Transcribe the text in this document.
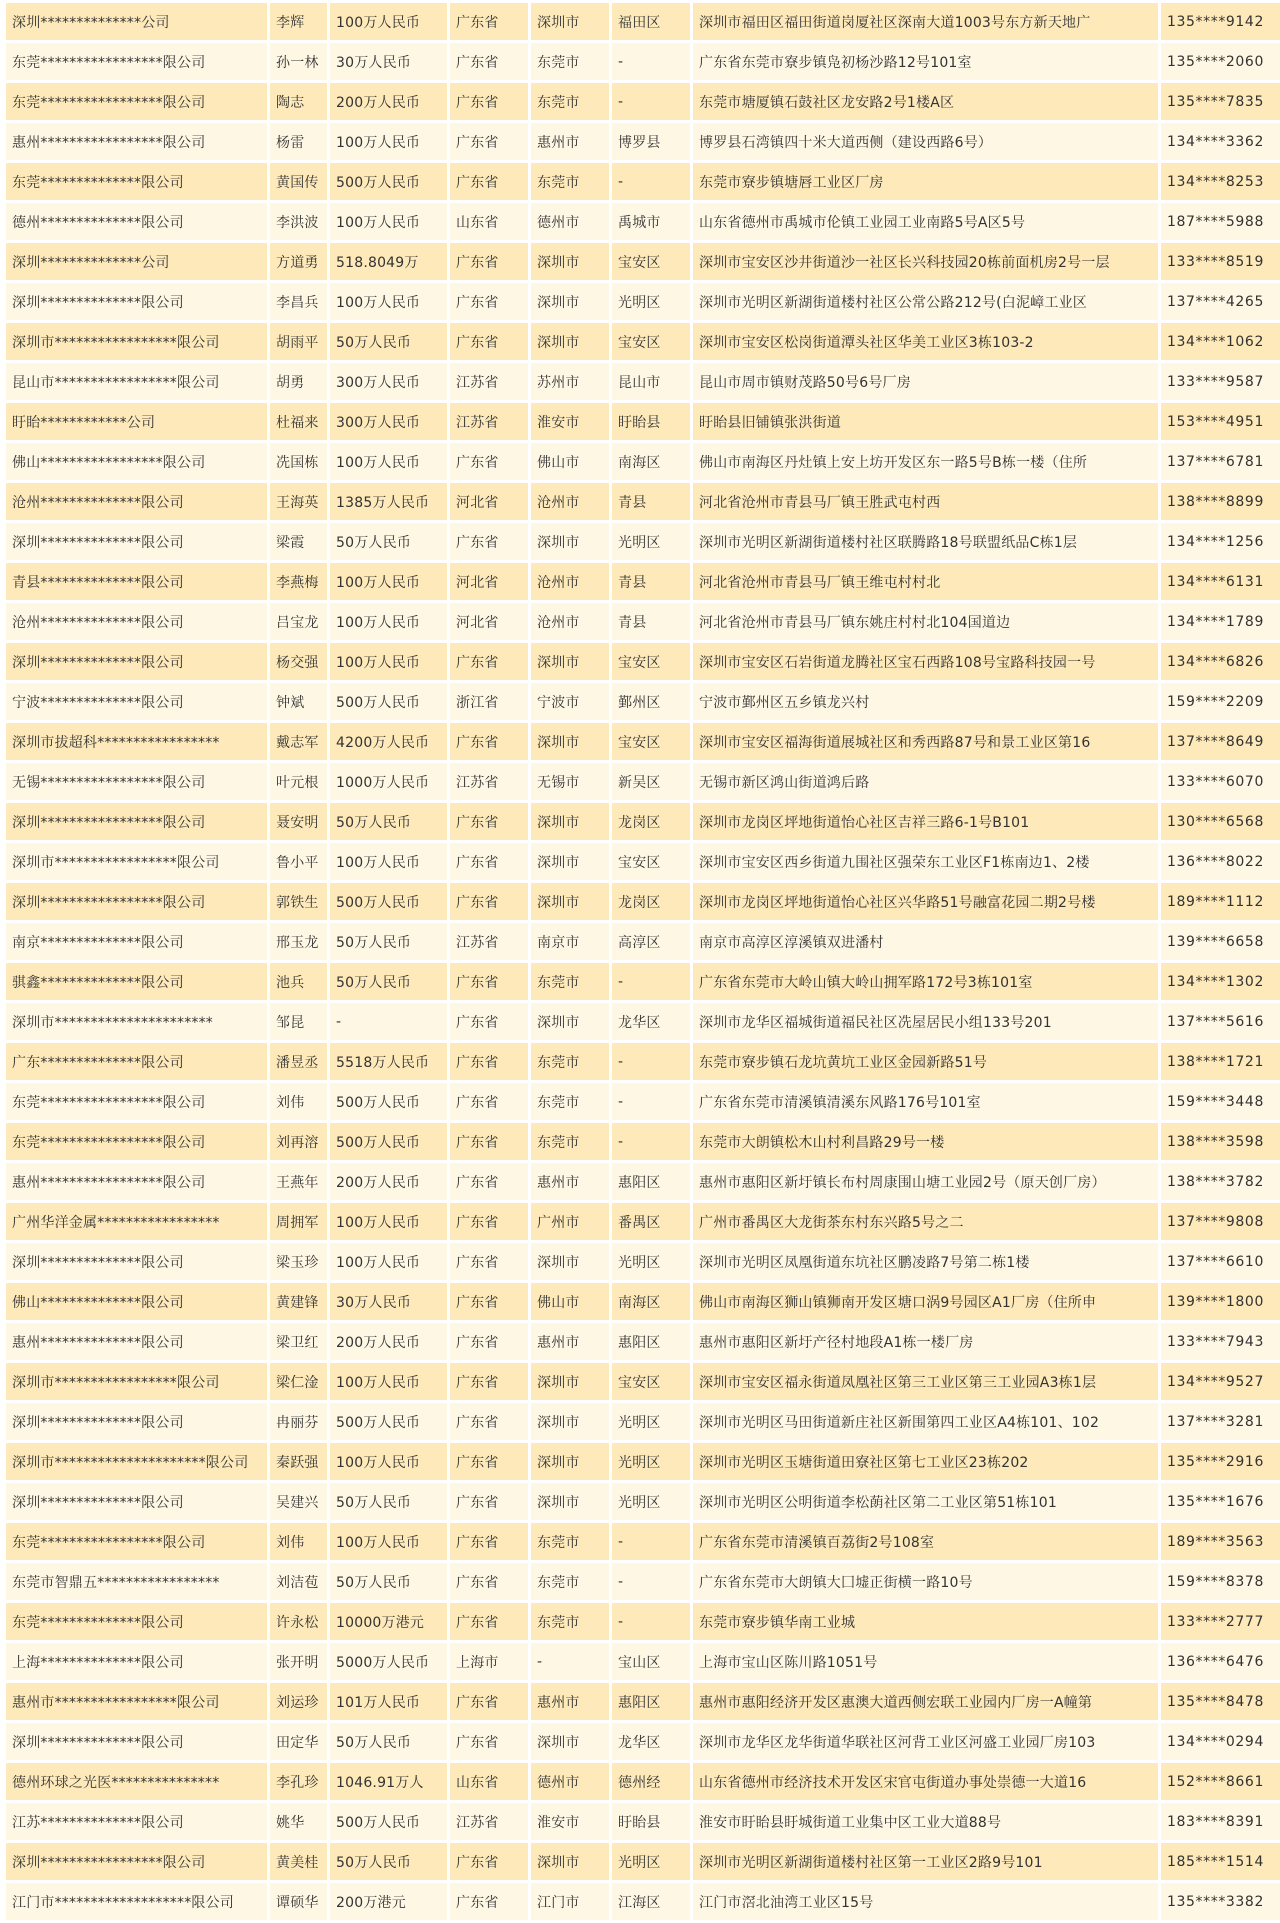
深圳**************公司	李辉	100万人民币	广东省	深圳市	福田区	深圳市福田区福田街道岗厦社区深南大道1003号东方新天地广	135****9142
东莞*****************限公司	孙一林	30万人民币	广东省	东莞市	-	广东省东莞市寮步镇凫初杨沙路12号101室	135****2060
东莞*****************限公司	陶志	200万人民币	广东省	东莞市	-	东莞市塘厦镇石鼓社区龙安路2号1楼A区	135****7835
惠州*****************限公司	杨雷	100万人民币	广东省	惠州市	博罗县	博罗县石湾镇四十米大道西侧（建设西路6号）	134****3362
东莞**************限公司	黄国传	500万人民币	广东省	东莞市	-	东莞市寮步镇塘唇工业区厂房	134****8253
德州**************限公司	李洪波	100万人民币	山东省	德州市	禹城市	山东省德州市禹城市伦镇工业园工业南路5号A区5号	187****5988
深圳**************公司	方道勇	518.8049万	广东省	深圳市	宝安区	深圳市宝安区沙井街道沙一社区长兴科技园20栋前面机房2号一层	133****8519
深圳**************限公司	李昌兵	100万人民币	广东省	深圳市	光明区	深圳市光明区新湖街道楼村社区公常公路212号(白泥嶂工业区	137****4265
深圳市*****************限公司	胡雨平	50万人民币	广东省	深圳市	宝安区	深圳市宝安区松岗街道潭头社区华美工业区3栋103-2	134****1062
昆山市*****************限公司	胡勇	300万人民币	江苏省	苏州市	昆山市	昆山市周市镇财茂路50号6号厂房	133****9587
盱眙************公司	杜福来	300万人民币	江苏省	淮安市	盱眙县	盱眙县旧铺镇张洪街道	153****4951
佛山*****************限公司	冼国栋	100万人民币	广东省	佛山市	南海区	佛山市南海区丹灶镇上安上坊开发区东一路5号B栋一楼（住所	137****6781
沧州**************限公司	王海英	1385万人民币	河北省	沧州市	青县	河北省沧州市青县马厂镇王胜武屯村西	138****8899
深圳**************限公司	梁霞	50万人民币	广东省	深圳市	光明区	深圳市光明区新湖街道楼村社区联腾路18号联盟纸品C栋1层	134****1256
青县**************限公司	李燕梅	100万人民币	河北省	沧州市	青县	河北省沧州市青县马厂镇王维屯村村北	134****6131
沧州**************限公司	吕宝龙	100万人民币	河北省	沧州市	青县	河北省沧州市青县马厂镇东姚庄村村北104国道边	134****1789
深圳**************限公司	杨交强	100万人民币	广东省	深圳市	宝安区	深圳市宝安区石岩街道龙腾社区宝石西路108号宝路科技园一号	134****6826
宁波**************限公司	钟斌	500万人民币	浙江省	宁波市	鄞州区	宁波市鄞州区五乡镇龙兴村	159****2209
深圳市拔超科*****************	戴志军	4200万人民币	广东省	深圳市	宝安区	深圳市宝安区福海街道展城社区和秀西路87号和景工业区第16	137****8649
无锡*****************限公司	叶元根	1000万人民币	江苏省	无锡市	新吴区	无锡市新区鸿山街道鸿后路	133****6070
深圳*****************限公司	聂安明	50万人民币	广东省	深圳市	龙岗区	深圳市龙岗区坪地街道怡心社区吉祥三路6-1号B101	130****6568
深圳市*****************限公司	鲁小平	100万人民币	广东省	深圳市	宝安区	深圳市宝安区西乡街道九围社区强荣东工业区F1栋南边1、2楼	136****8022
深圳*****************限公司	郭铁生	500万人民币	广东省	深圳市	龙岗区	深圳市龙岗区坪地街道怡心社区兴华路51号融富花园二期2号楼	189****1112
南京**************限公司	邢玉龙	50万人民币	江苏省	南京市	高淳区	南京市高淳区淳溪镇双进潘村	139****6658
骐鑫**************限公司	池兵	50万人民币	广东省	东莞市	-	广东省东莞市大岭山镇大岭山拥军路172号3栋101室	134****1302
深圳市**********************	邹昆	-	广东省	深圳市	龙华区	深圳市龙华区福城街道福民社区冼屋居民小组133号201	137****5616
广东**************限公司	潘昱丞	5518万人民币	广东省	东莞市	-	东莞市寮步镇石龙坑黄坑工业区金园新路51号	138****1721
东莞*****************限公司	刘伟	500万人民币	广东省	东莞市	-	广东省东莞市清溪镇清溪东风路176号101室	159****3448
东莞*****************限公司	刘再溶	500万人民币	广东省	东莞市	-	东莞市大朗镇松木山村利昌路29号一楼	138****3598
惠州*****************限公司	王燕年	200万人民币	广东省	惠州市	惠阳区	惠州市惠阳区新圩镇长布村周康围山塘工业园2号（原天创厂房）	138****3782
广州华洋金属*****************	周拥军	100万人民币	广东省	广州市	番禺区	广州市番禺区大龙街茶东村东兴路5号之二	137****9808
深圳**************限公司	梁玉珍	100万人民币	广东省	深圳市	光明区	深圳市光明区凤凰街道东坑社区鹏凌路7号第二栋1楼	137****6610
佛山**************限公司	黄建锋	30万人民币	广东省	佛山市	南海区	佛山市南海区狮山镇狮南开发区塘口涡9号园区A1厂房（住所申	139****1800
惠州**************限公司	梁卫红	200万人民币	广东省	惠州市	惠阳区	惠州市惠阳区新圩产径村地段A1栋一楼厂房	133****7943
深圳市*****************限公司	梁仁淦	100万人民币	广东省	深圳市	宝安区	深圳市宝安区福永街道凤凰社区第三工业区第三工业园A3栋1层	134****9527
深圳**************限公司	冉丽芬	500万人民币	广东省	深圳市	光明区	深圳市光明区马田街道新庄社区新围第四工业区A4栋101、102	137****3281
深圳市*********************限公司	秦跃强	100万人民币	广东省	深圳市	光明区	深圳市光明区玉塘街道田寮社区第七工业区23栋202	135****2916
深圳**************限公司	吴建兴	50万人民币	广东省	深圳市	光明区	深圳市光明区公明街道李松蓢社区第二工业区第51栋101	135****1676
东莞*****************限公司	刘伟	100万人民币	广东省	东莞市	-	广东省东莞市清溪镇百荔街2号108室	189****3563
东莞市智鼎五*****************	刘洁苞	50万人民币	广东省	东莞市	-	广东省东莞市大朗镇大囗墟正街横一路10号	159****8378
东莞**************限公司	许永松	10000万港元	广东省	东莞市	-	东莞市寮步镇华南工业城	133****2777
上海**************限公司	张开明	5000万人民币	上海市	-	宝山区	上海市宝山区陈川路1051号	136****6476
惠州市*****************限公司	刘运珍	101万人民币	广东省	惠州市	惠阳区	惠州市惠阳经济开发区惠澳大道西侧宏联工业园内厂房一A幢第	135****8478
深圳**************限公司	田定华	50万人民币	广东省	深圳市	龙华区	深圳市龙华区龙华街道华联社区河背工业区河盛工业园厂房103	134****0294
德州环球之光医***************	李孔珍	1046.91万人	山东省	德州市	德州经	山东省德州市经济技术开发区宋官屯街道办事处崇德一大道16	152****8661
江苏**************限公司	姚华	500万人民币	江苏省	淮安市	盱眙县	淮安市盱眙县盱城街道工业集中区工业大道88号	183****8391
深圳*****************限公司	黄美桂	50万人民币	广东省	深圳市	光明区	深圳市光明区新湖街道楼村社区第一工业区2路9号101	185****1514
江门市*******************限公司	谭硕华	200万港元	广东省	江门市	江海区	江门市滘北油湾工业区15号	135****3382
